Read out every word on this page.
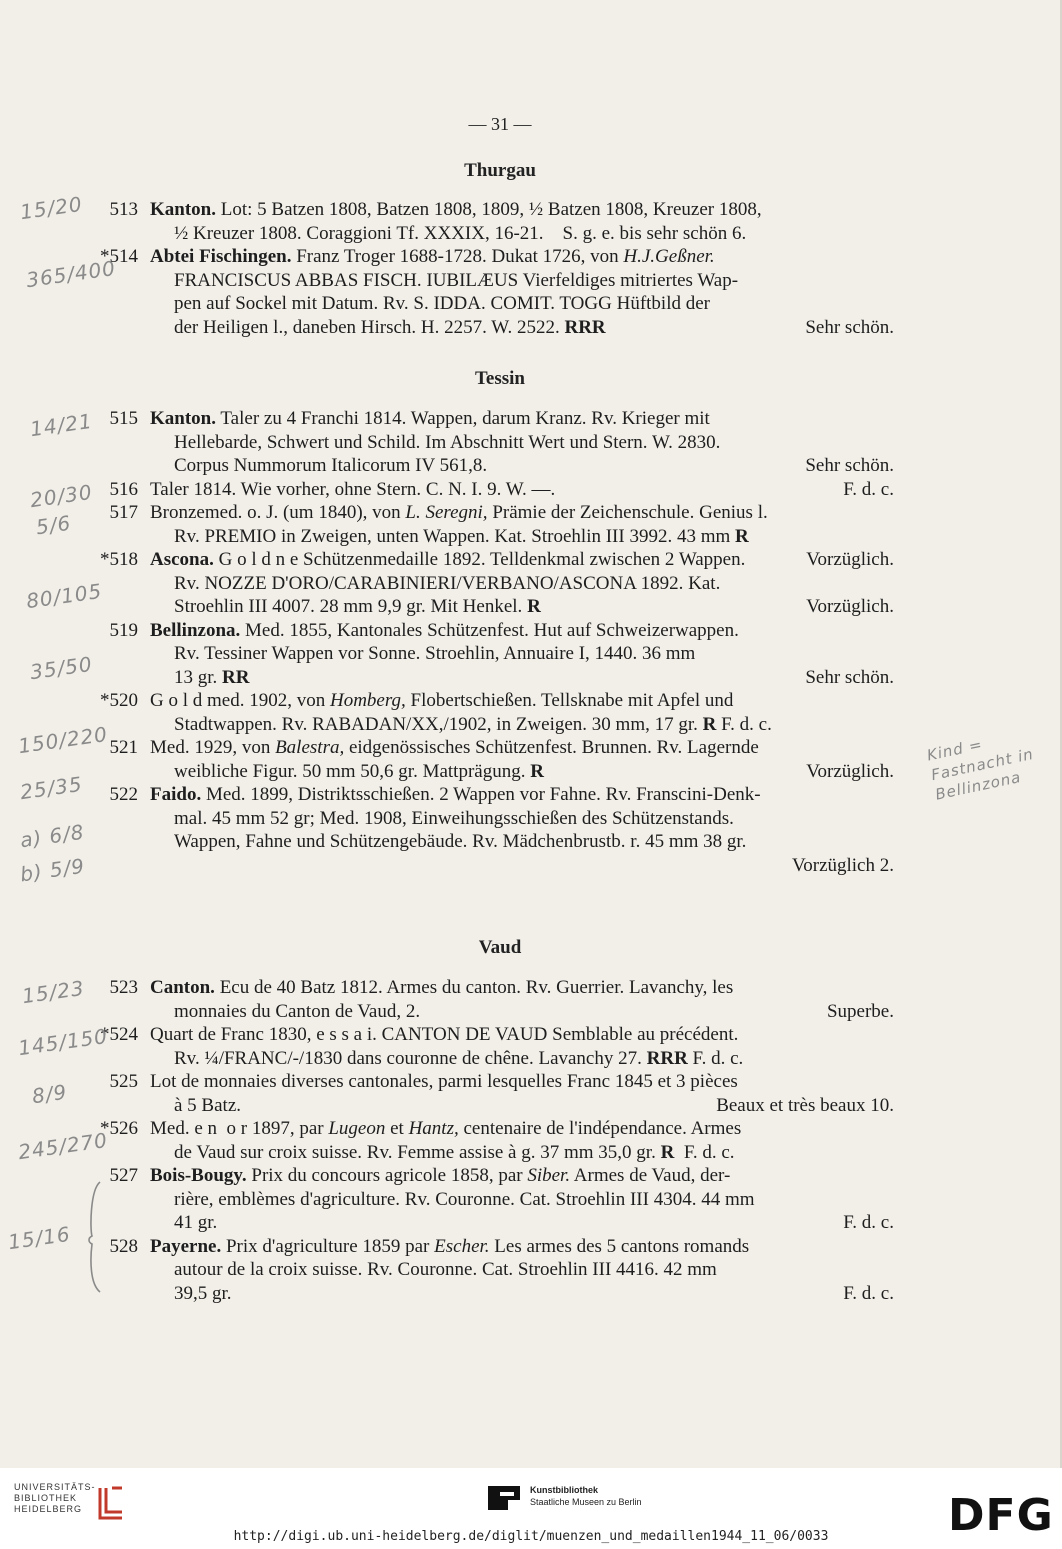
— 31 —
Thurgau
513 Kanton. Lot: 5 Batzen 1808, Batzen 1808, 1809, ½ Batzen 1808, Kreuzer 1808,
½ Kreuzer 1808. Coraggioni Tf. XXXIX, 16-21.    S. g. e. bis sehr schön 6.
*514 Abtei Fischingen. Franz Troger 1688-1728. Dukat 1726, von H.J.Geßner.
FRANCISCUS ABBAS FISCH. IUBILÆUS Vierfeldiges mitriertes Wap-
pen auf Sockel mit Datum. Rv. S. IDDA. COMIT. TOGG Hüftbild der
der Heiligen l., daneben Hirsch. H. 2257. W. 2522. RRR	Sehr schön.
Tessin
515 Kanton. Taler zu 4 Franchi 1814. Wappen, darum Kranz. Rv. Krieger mit
Hellebarde, Schwert und Schild. Im Abschnitt Wert und Stern. W. 2830.
Corpus Nummorum Italicorum IV 561,8.	Sehr schön.
516 Taler 1814. Wie vorher, ohne Stern. C. N. I. 9. W. —.	F. d. c.
517 Bronzemed. o. J. (um 1840), von L. Seregni, Prämie der Zeichenschule. Genius l.
Rv. PREMIO in Zweigen, unten Wappen. Kat. Stroehlin III 3992. 43 mm R
Vorzüglich.
*518 Ascona. G o l d n e Schützenmedaille 1892. Telldenkmal zwischen 2 Wappen.
Rv. NOZZE D'ORO/CARABINIERI/VERBANO/ASCONA 1892. Kat.
Stroehlin III 4007. 28 mm 9,9 gr. Mit Henkel. R	Vorzüglich.
519 Bellinzona. Med. 1855, Kantonales Schützenfest. Hut auf Schweizerwappen.
Rv. Tessiner Wappen vor Sonne. Stroehlin, Annuaire I, 1440. 36 mm
13 gr. RR	Sehr schön.
*520 G o l d med. 1902, von Homberg, Flobertschießen. Tellsknabe mit Apfel und
Stadtwappen. Rv. RABADAN/XX,/1902, in Zweigen. 30 mm, 17 gr. R F. d. c.
521 Med. 1929, von Balestra, eidgenössisches Schützenfest. Brunnen. Rv. Lagernde
weibliche Figur. 50 mm 50,6 gr. Mattprägung. R	Vorzüglich.
522 Faido. Med. 1899, Distriktsschießen. 2 Wappen vor Fahne. Rv. Franscini-Denk-
mal. 45 mm 52 gr; Med. 1908, Einweihungsschießen des Schützenstands.
Wappen, Fahne und Schützengebäude. Rv. Mädchenbrustb. r. 45 mm 38 gr.
Vorzüglich 2.
Vaud
523 Canton. Ecu de 40 Batz 1812. Armes du canton. Rv. Guerrier. Lavanchy, les
monnaies du Canton de Vaud, 2.	Superbe.
*524 Quart de Franc 1830, e s s a i. CANTON DE VAUD Semblable au précédent.
Rv. ¼/FRANC/-/1830 dans couronne de chêne. Lavanchy 27. RRR F. d. c.
525 Lot de monnaies diverses cantonales, parmi lesquelles Franc 1845 et 3 pièces
à 5 Batz.	Beaux et très beaux 10.
*526 Med. e n  o r 1897, par Lugeon et Hantz, centenaire de l'indépendance. Armes
de Vaud sur croix suisse. Rv. Femme assise à g. 37 mm 35,0 gr. R  F. d. c.
527 Bois-Bougy. Prix du concours agricole 1858, par Siber. Armes de Vaud, der-
rière, emblèmes d'agriculture. Rv. Couronne. Cat. Stroehlin III 4304. 44 mm
41 gr.	F. d. c.
528 Payerne. Prix d'agriculture 1859 par Escher. Les armes des 5 cantons romands
autour de la croix suisse. Rv. Couronne. Cat. Stroehlin III 4416. 42 mm
39,5 gr.	F. d. c.
15/20
365/400
14/21
20/30
5/6
80/105
35/50
150/220
25/35
a) 6/8
b) 5/9
15/23
145/150
8/9
245/270
15/16
Kind = Fastnacht in Bellinzona
UNIVERSITÄTS-
BIBLIOTHEK
HEIDELBERG
Kunstbibliothek
Staatliche Museen zu Berlin	DFG
http://digi.ub.uni-heidelberg.de/diglit/muenzen_und_medaillen1944_11_06/0033
